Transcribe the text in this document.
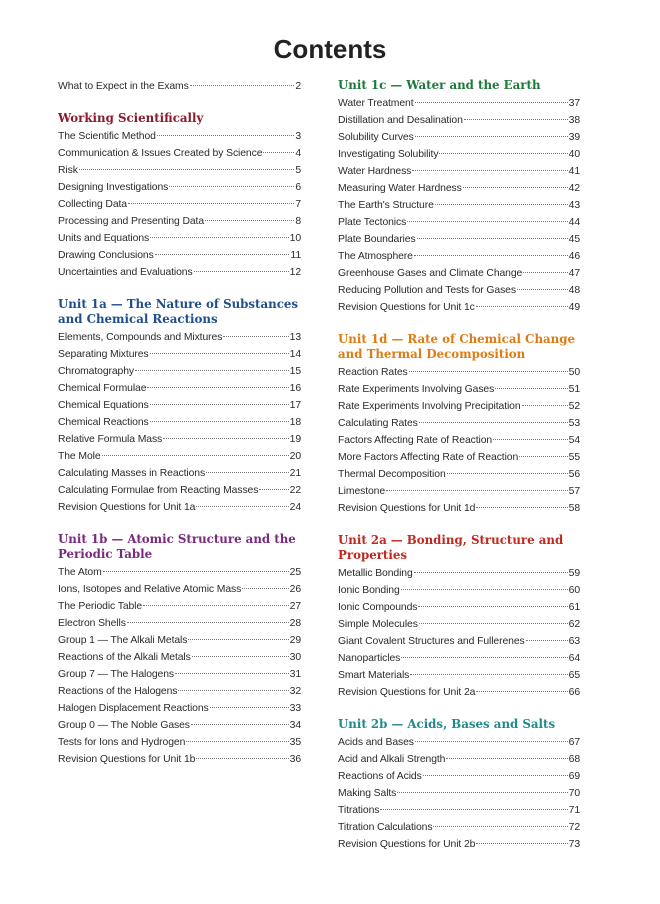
Contents
What to Expect in the Exams	2
Working Scientifically
The Scientific Method	3
Communication & Issues Created by Science	4
Risk	5
Designing Investigations	6
Collecting Data	7
Processing and Presenting Data	8
Units and Equations	10
Drawing Conclusions	11
Uncertainties and Evaluations	12
Unit 1a — The Nature of Substances and Chemical Reactions
Elements, Compounds and Mixtures	13
Separating Mixtures	14
Chromatography	15
Chemical Formulae	16
Chemical Equations	17
Chemical Reactions	18
Relative Formula Mass	19
The Mole	20
Calculating Masses in Reactions	21
Calculating Formulae from Reacting Masses	22
Revision Questions for Unit 1a	24
Unit 1b — Atomic Structure and the Periodic Table
The Atom	25
Ions, Isotopes and Relative Atomic Mass	26
The Periodic Table	27
Electron Shells	28
Group 1 — The Alkali Metals	29
Reactions of the Alkali Metals	30
Group 7 — The Halogens	31
Reactions of the Halogens	32
Halogen Displacement Reactions	33
Group 0 — The Noble Gases	34
Tests for Ions and Hydrogen	35
Revision Questions for Unit 1b	36
Unit 1c — Water and the Earth
Water Treatment	37
Distillation and Desalination	38
Solubility Curves	39
Investigating Solubility	40
Water Hardness	41
Measuring Water Hardness	42
The Earth's Structure	43
Plate Tectonics	44
Plate Boundaries	45
The Atmosphere	46
Greenhouse Gases and Climate Change	47
Reducing Pollution and Tests for Gases	48
Revision Questions for Unit 1c	49
Unit 1d — Rate of Chemical Change and Thermal Decomposition
Reaction Rates	50
Rate Experiments Involving Gases	51
Rate Experiments Involving Precipitation	52
Calculating Rates	53
Factors Affecting Rate of Reaction	54
More Factors Affecting Rate of Reaction	55
Thermal Decomposition	56
Limestone	57
Revision Questions for Unit 1d	58
Unit 2a — Bonding, Structure and Properties
Metallic Bonding	59
Ionic Bonding	60
Ionic Compounds	61
Simple Molecules	62
Giant Covalent Structures and Fullerenes	63
Nanoparticles	64
Smart Materials	65
Revision Questions for Unit 2a	66
Unit 2b — Acids, Bases and Salts
Acids and Bases	67
Acid and Alkali Strength	68
Reactions of Acids	69
Making Salts	70
Titrations	71
Titration Calculations	72
Revision Questions for Unit 2b	73
